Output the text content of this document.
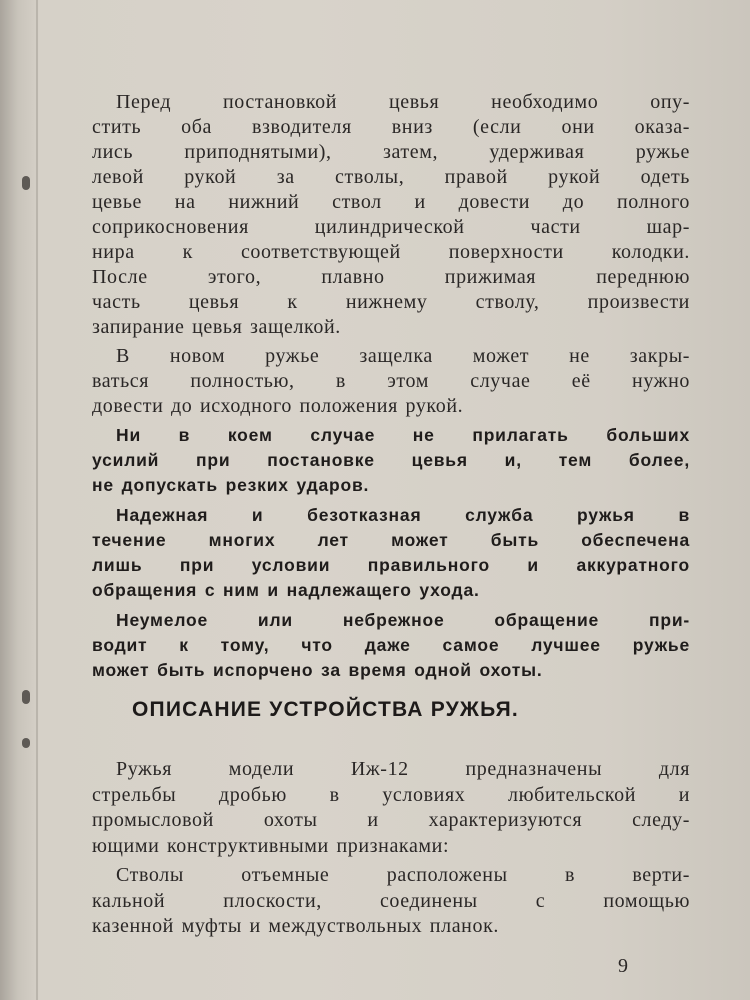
Перед постановкой цевья необходимо опу-
стить оба взводителя вниз (если они оказа-
лись приподнятыми), затем, удерживая ружье
левой рукой за стволы, правой рукой одеть
цевье на нижний ствол и довести до полного
соприкосновения цилиндрической части шар-
нира к соответствующей поверхности колодки.
После этого, плавно прижимая переднюю
часть цевья к нижнему стволу, произвести
запирание цевья защелкой.
В новом ружье защелка может не закры-
ваться полностью, в этом случае её нужно
довести до исходного положения рукой.
Ни в коем случае не прилагать больших
усилий при постановке цевья и, тем более,
не допускать резких ударов.
Надежная и безотказная служба ружья в
течение многих лет может быть обеспечена
лишь при условии правильного и аккуратного
обращения с ним и надлежащего ухода.
Неумелое или небрежное обращение при-
водит к тому, что даже самое лучшее ружье
может быть испорчено за время одной охоты.
ОПИСАНИЕ УСТРОЙСТВА РУЖЬЯ.
Ружья модели Иж-12 предназначены для
стрельбы дробью в условиях любительской и
промысловой охоты и характеризуются следу-
ющими конструктивными признаками:
Стволы отъемные расположены в верти-
кальной плоскости, соединены с помощью
казенной муфты и междуствольных планок.
9
